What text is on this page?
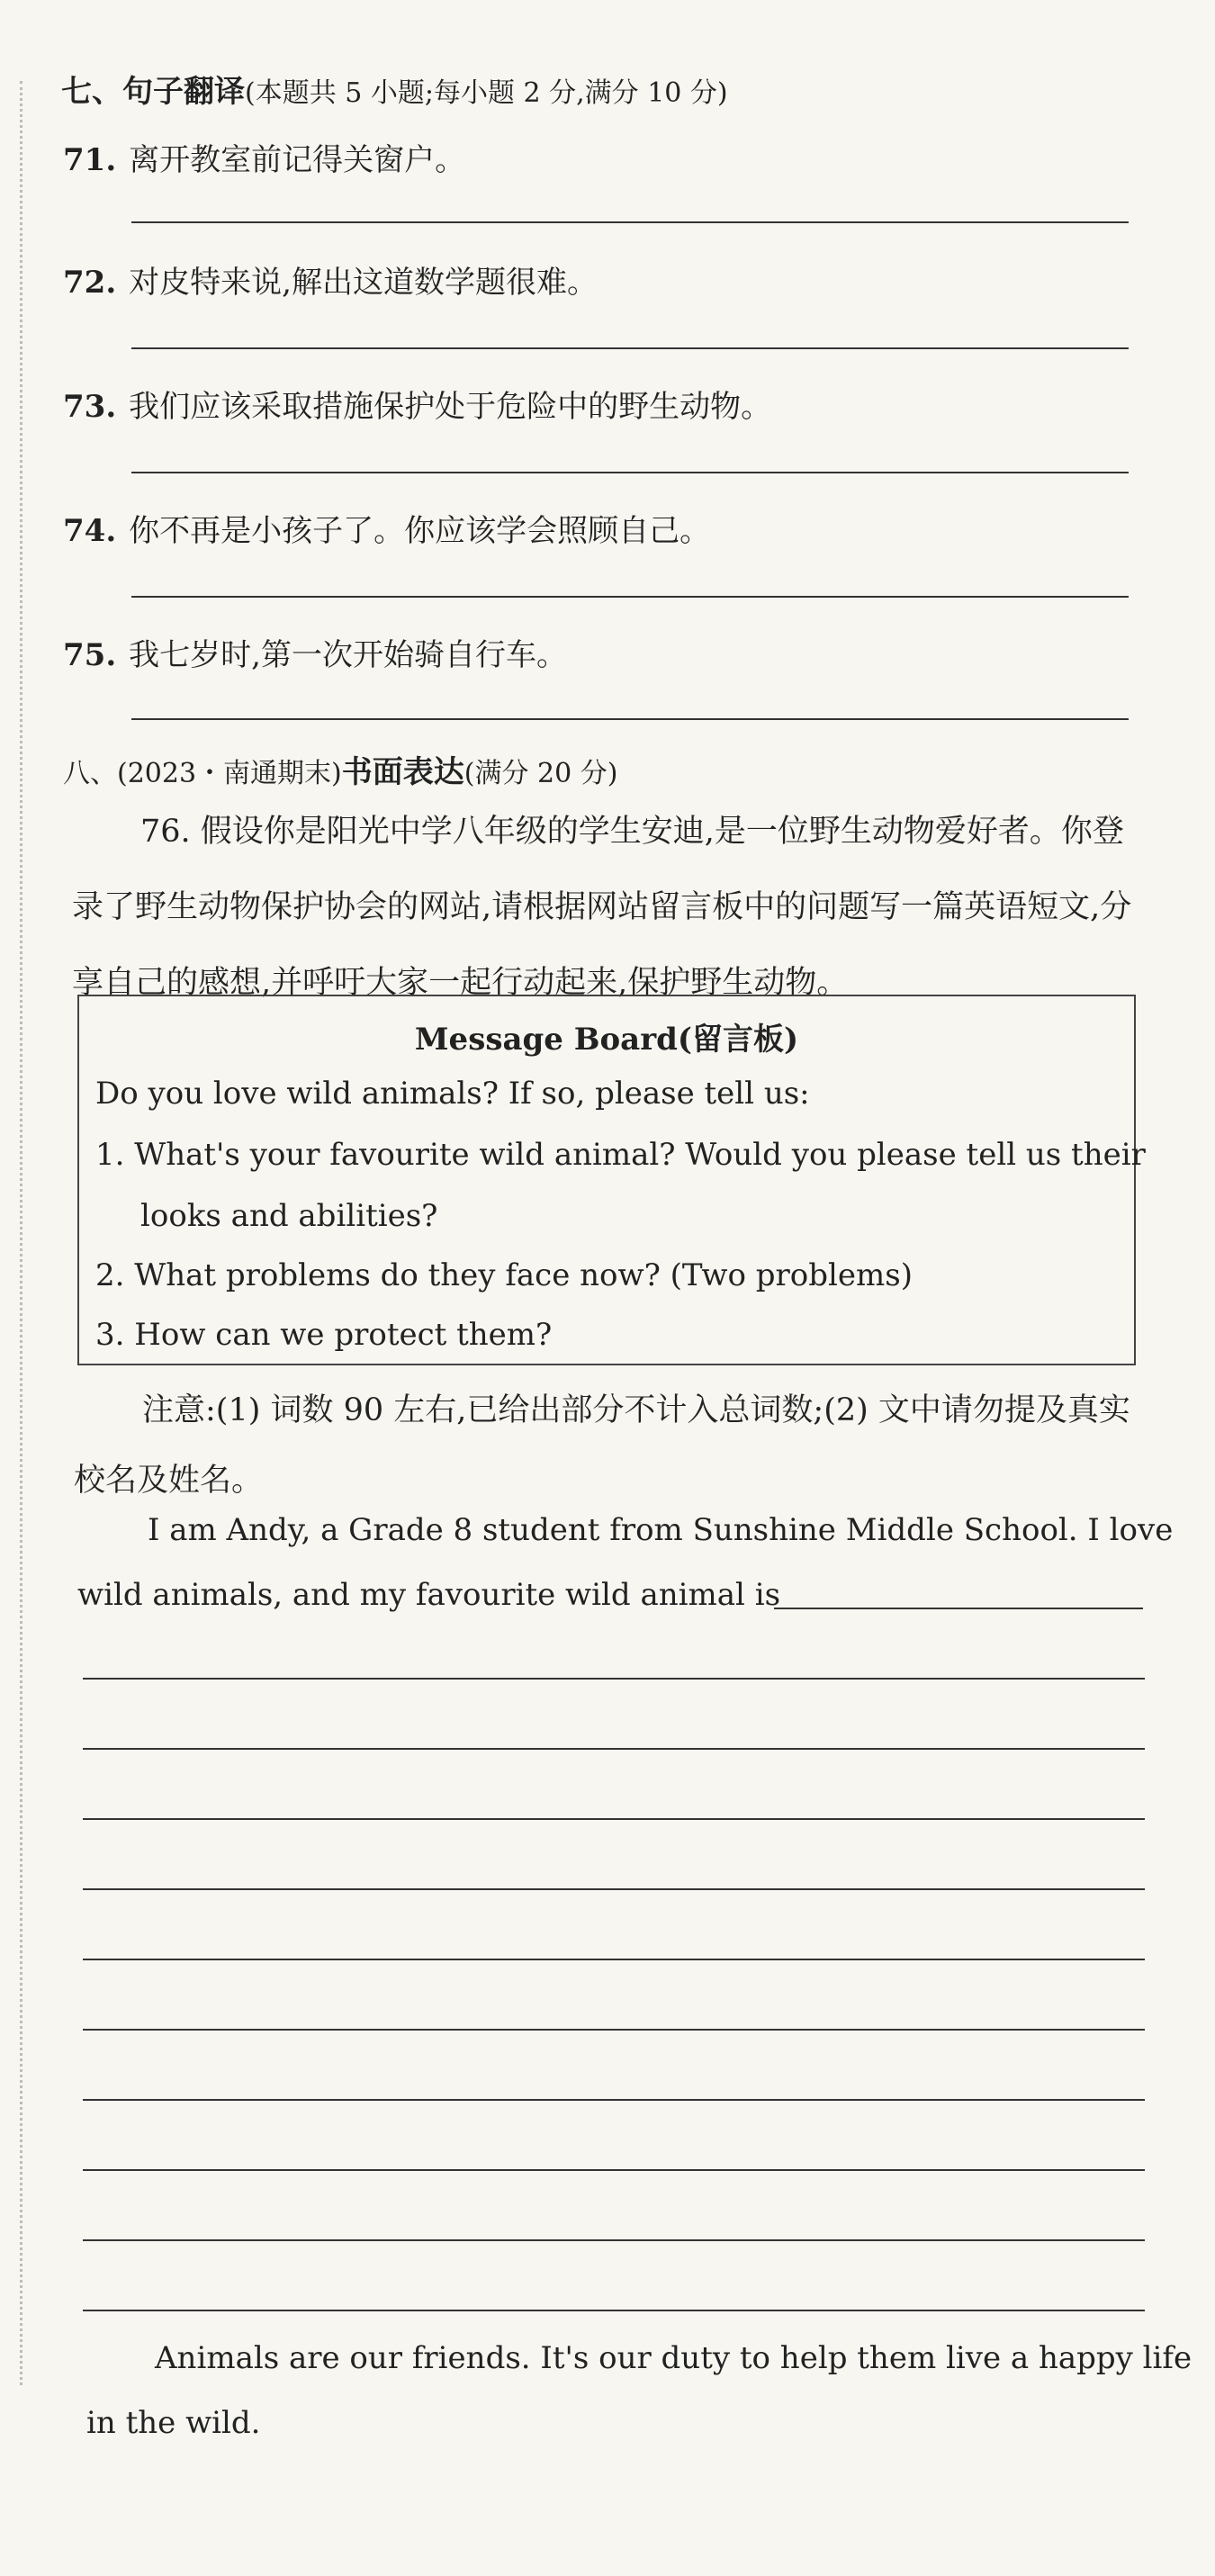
七、句子翻译(本题共 5 小题;每小题 2 分,满分 10 分)
71. 离开教室前记得关窗户。
72. 对皮特来说,解出这道数学题很难。
73. 我们应该采取措施保护处于危险中的野生动物。
74. 你不再是小孩子了。你应该学会照顾自己。
75. 我七岁时,第一次开始骑自行车。
八、(2023・南通期末)书面表达(满分 20 分)
76. 假设你是阳光中学八年级的学生安迪,是一位野生动物爱好者。你登录了野生动物保护协会的网站,请根据网站留言板中的问题写一篇英语短文,分享自己的感想,并呼吁大家一起行动起来,保护野生动物。
Message Board(留言板)
Do you love wild animals? If so, please tell us:
1. What's your favourite wild animal? Would you please tell us their
looks and abilities?
2. What problems do they face now? (Two problems)
3. How can we protect them?
注意:(1) 词数 90 左右,已给出部分不计入总词数;(2) 文中请勿提及真实校名及姓名。
I am Andy, a Grade 8 student from Sunshine Middle School. I love
wild animals, and my favourite wild animal is
Animals are our friends. It's our duty to help them live a happy life
in the wild.
